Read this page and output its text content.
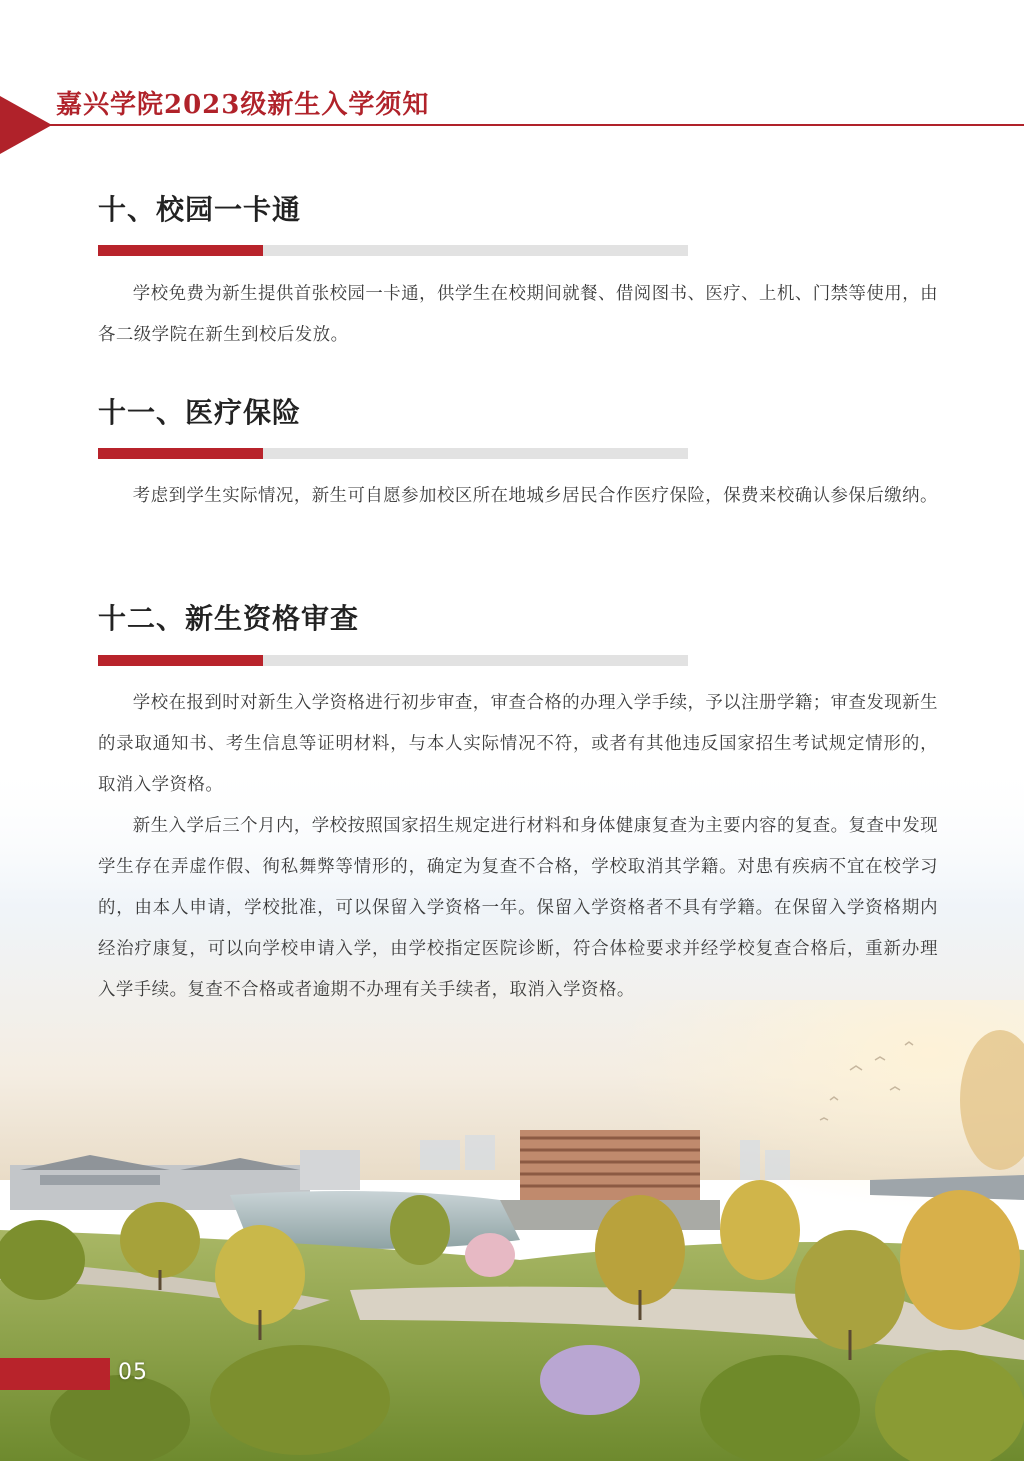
嘉兴学院2023级新生入学须知
十、校园一卡通

学校免费为新生提供首张校园一卡通，供学生在校期间就餐、借阅图书、医疗、上机、门禁等使用，由各二级学院在新生到校后发放。

十一、医疗保险

考虑到学生实际情况，新生可自愿参加校区所在地城乡居民合作医疗保险，保费来校确认参保后缴纳。

十二、新生资格审查

学校在报到时对新生入学资格进行初步审查，审查合格的办理入学手续，予以注册学籍；审查发现新生的录取通知书、考生信息等证明材料，与本人实际情况不符，或者有其他违反国家招生考试规定情形的，取消入学资格。

新生入学后三个月内，学校按照国家招生规定进行材料和身体健康复查为主要内容的复查。复查中发现学生存在弄虚作假、徇私舞弊等情形的，确定为复查不合格，学校取消其学籍。对患有疾病不宜在校学习的，由本人申请，学校批准，可以保留入学资格一年。保留入学资格者不具有学籍。在保留入学资格期内经治疗康复，可以向学校申请入学，由学校指定医院诊断，符合体检要求并经学校复查合格后，重新办理入学手续。复查不合格或者逾期不办理有关手续者，取消入学资格。

05
